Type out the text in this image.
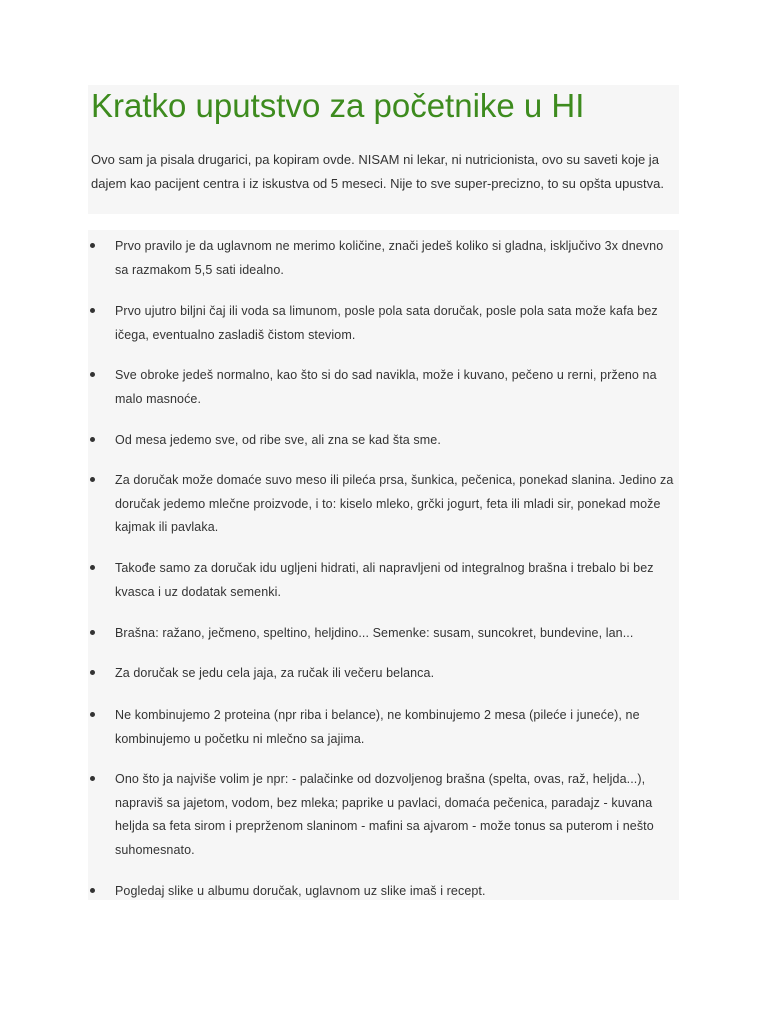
Kratko uputstvo za početnike u HI

Ovo sam ja pisala drugarici, pa kopiram ovde. NISAM ni lekar, ni nutricionista, ovo su saveti koje ja dajem kao pacijent centra i iz iskustva od 5 meseci. Nije to sve super-precizno, to su opšta upustva.

Prvo pravilo je da uglavnom ne merimo količine, znači jedeš koliko si gladna, isključivo 3x dnevno sa razmakom 5,5 sati idealno.
Prvo ujutro biljni čaj ili voda sa limunom, posle pola sata doručak, posle pola sata može kafa bez ičega, eventualno zasladiš čistom steviom.
Sve obroke jedeš normalno, kao što si do sad navikla, može i kuvano, pečeno u rerni, prženo na malo masnoće.
Od mesa jedemo sve, od ribe sve, ali zna se kad šta sme.
Za doručak može domaće suvo meso ili pileća prsa, šunkica, pečenica, ponekad slanina. Jedino za doručak jedemo mlečne proizvode, i to: kiselo mleko, grčki jogurt, feta ili mladi sir, ponekad može kajmak ili pavlaka.
Takođe samo za doručak idu ugljeni hidrati, ali napravljeni od integralnog brašna i trebalo bi bez kvasca i uz dodatak semenki.
Brašna: ražano, ječmeno, speltino, heljdino... Semenke: susam, suncokret, bundevine, lan...
Za doručak se jedu cela jaja, za ručak ili večeru belanca.
Ne kombinujemo 2 proteina (npr riba i belance), ne kombinujemo 2 mesa (pileće i juneće), ne kombinujemo u početku ni mlečno sa jajima.
Ono što ja najviše volim je npr: - palačinke od dozvoljenog brašna (spelta, ovas, raž, heljda...), napraviš sa jajetom, vodom, bez mleka; paprike u pavlaci, domaća pečenica, paradajz - kuvana heljda sa feta sirom i preprženom slaninom - mafini sa ajvarom - može tonus sa puterom i nešto suhomesnato.
Pogledaj slike u albumu doručak, uglavnom uz slike imaš i recept.
